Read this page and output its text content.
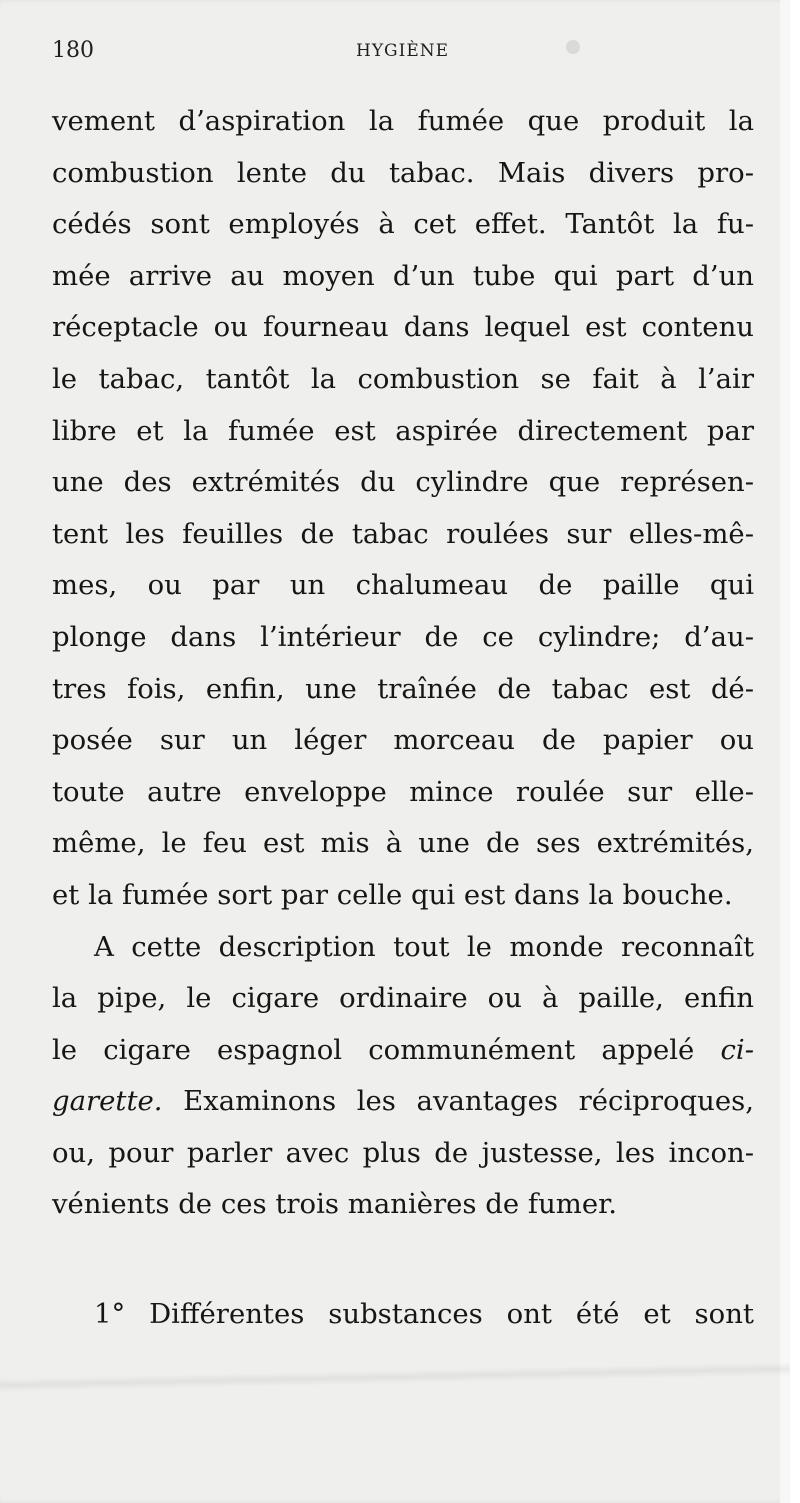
180	HYGIÈNE
vement d’aspiration la fumée que produit la
combustion lente du tabac. Mais divers pro-
cédés sont employés à cet effet. Tantôt la fu-
mée arrive au moyen d’un tube qui part d’un
réceptacle ou fourneau dans lequel est contenu
le tabac, tantôt la combustion se fait à l’air
libre et la fumée est aspirée directement par
une des extrémités du cylindre que représen-
tent les feuilles de tabac roulées sur elles-mê-
mes, ou par un chalumeau de paille qui
plonge dans l’intérieur de ce cylindre; d’au-
tres fois, enfin, une traînée de tabac est dé-
posée sur un léger morceau de papier ou
toute autre enveloppe mince roulée sur elle-
même, le feu est mis à une de ses extrémités,
et la fumée sort par celle qui est dans la bouche.
A cette description tout le monde reconnaît
la pipe, le cigare ordinaire ou à paille, enfin
le cigare espagnol communément appelé ci-
garette. Examinons les avantages réciproques,
ou, pour parler avec plus de justesse, les incon-
vénients de ces trois manières de fumer.
1° Différentes substances ont été et sont
